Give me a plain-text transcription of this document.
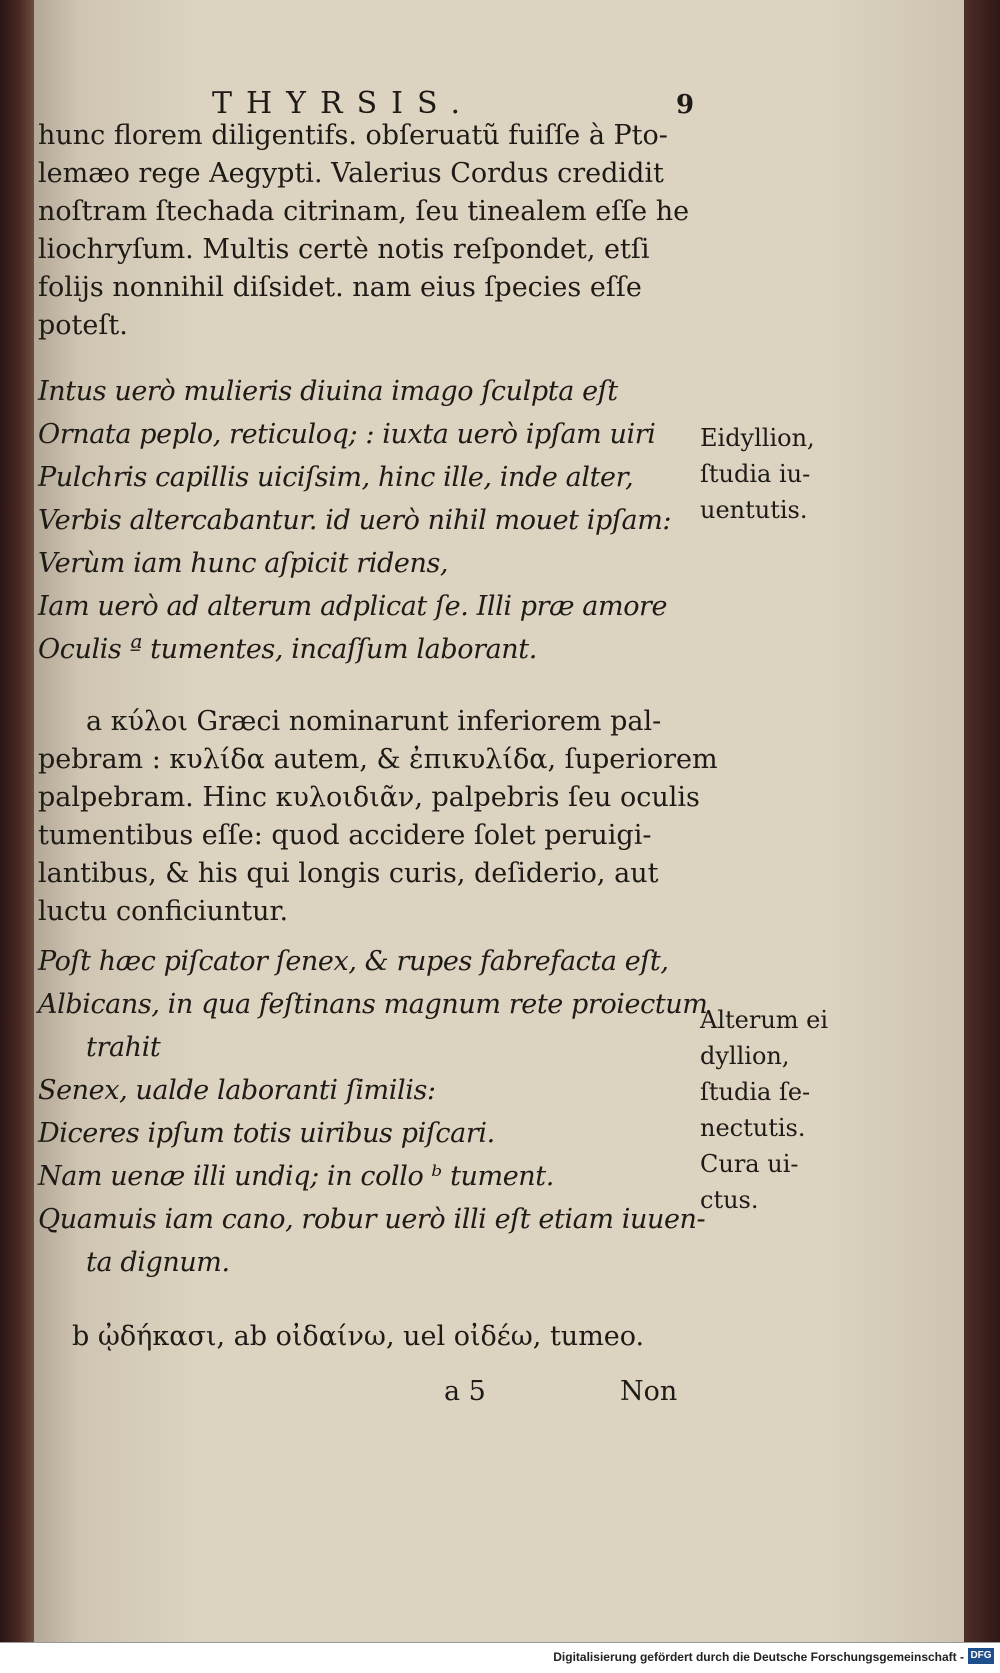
THYRSIS.	9
hunc florem diligentifs. obſeruatũ fuiſſe à Pto-
lemæo rege Aegypti. Valerius Cordus credidit
noſtram ſtechada citrinam, ſeu tinealem eſſe he
liochryſum. Multis certè notis reſpondet, etſi
folijs nonnihil diſsidet. nam eius ſpecies eſſe
poteſt.
Intus uerò mulieris diuina imago ſculpta eſt
Ornata peplo, reticuloq; : iuxta uerò ipſam uiri
Pulchris capillis uiciſsim, hinc ille, inde alter,
Verbis altercabantur. id uerò nihil mouet ipſam:
Verùm iam hunc aſpicit ridens,
Iam uerò ad alterum adplicat ſe. Illi præ amore
Oculis ª tumentes, incaſſum laborant.
a κύλοι Græci nominarunt inferiorem pal-
pebram : κυλίδα autem, & ἐπικυλίδα, ſuperiorem
palpebram. Hinc κυλοιδιᾶν, palpebris ſeu oculis
tumentibus eſſe: quod accidere ſolet peruigi-
lantibus, & his qui longis curis, deſiderio, aut
luctu conficiuntur.
Poſt hæc piſcator ſenex, & rupes fabrefacta eſt,
Albicans, in qua feſtinans magnum rete proiectum
trahit
Senex, ualde laboranti ſimilis:
Diceres ipſum totis uiribus piſcari.
Nam uenæ illi undiq; in collo ᵇ tument.
Quamuis iam cano, robur uerò illi eſt etiam iuuen-
ta dignum.
b ᾠδήκασι, ab οἰδαίνω, uel οἰδέω, tumeo.
Eidyllion,
ſtudia iu-
uentutis.
Alterum ei
dyllion,
ſtudia ſe-
nectutis.
Cura ui-
ctus.
a 5	Non
Digitalisierung gefördert durch die Deutsche Forschungsgemeinschaft - DFG
